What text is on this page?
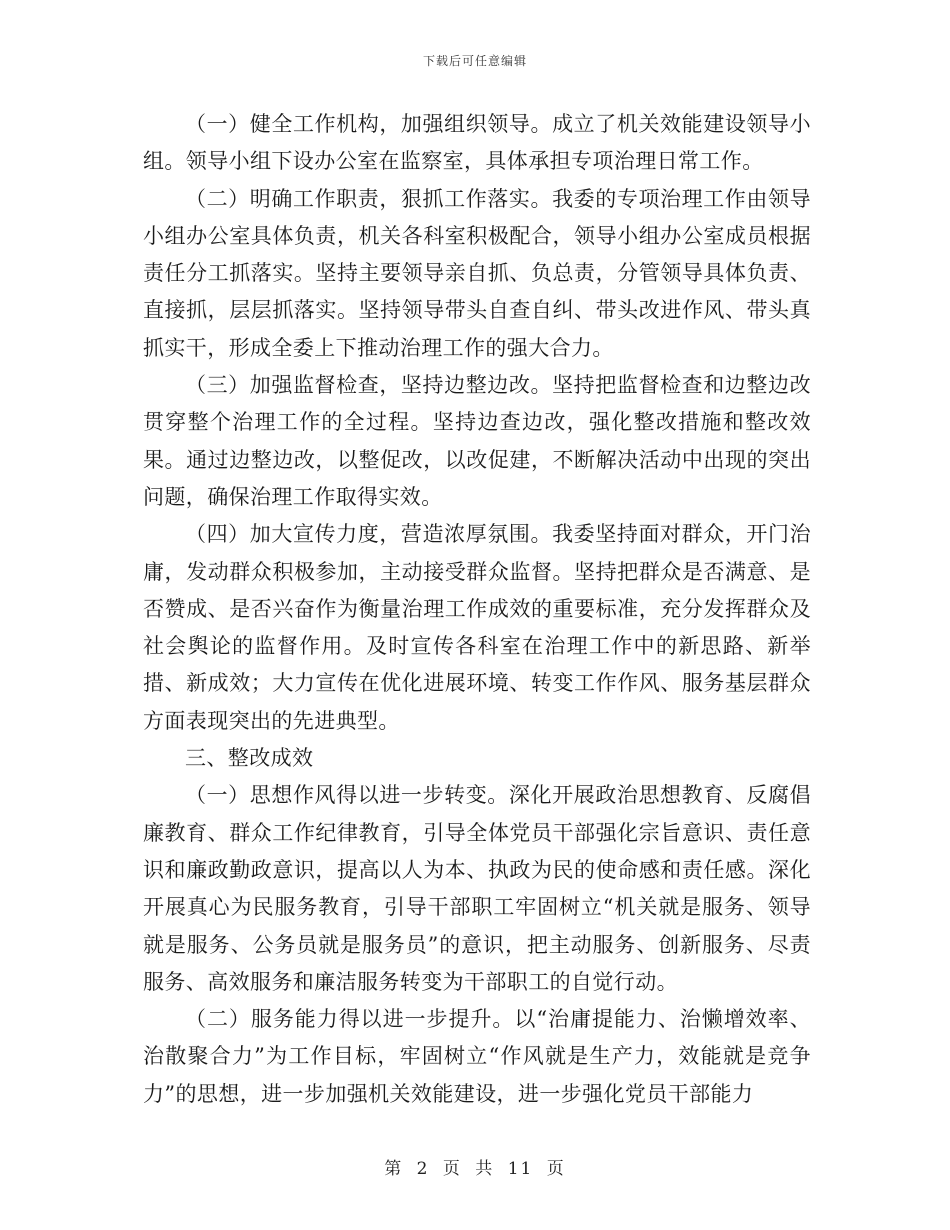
下载后可任意编辑

（一）健全工作机构，加强组织领导。成立了机关效能建设领导小组。领导小组下设办公室在监察室，具体承担专项治理日常工作。

（二）明确工作职责，狠抓工作落实。我委的专项治理工作由领导小组办公室具体负责，机关各科室积极配合，领导小组办公室成员根据责任分工抓落实。坚持主要领导亲自抓、负总责，分管领导具体负责、直接抓，层层抓落实。坚持领导带头自查自纠、带头改进作风、带头真抓实干，形成全委上下推动治理工作的强大合力。

（三）加强监督检查，坚持边整边改。坚持把监督检查和边整边改贯穿整个治理工作的全过程。坚持边查边改，强化整改措施和整改效果。通过边整边改，以整促改，以改促建，不断解决活动中出现的突出问题，确保治理工作取得实效。

（四）加大宣传力度，营造浓厚氛围。我委坚持面对群众，开门治庸，发动群众积极参加，主动接受群众监督。坚持把群众是否满意、是否赞成、是否兴奋作为衡量治理工作成效的重要标准，充分发挥群众及社会舆论的监督作用。及时宣传各科室在治理工作中的新思路、新举措、新成效；大力宣传在优化进展环境、转变工作作风、服务基层群众方面表现突出的先进典型。

三、整改成效

（一）思想作风得以进一步转变。深化开展政治思想教育、反腐倡廉教育、群众工作纪律教育，引导全体党员干部强化宗旨意识、责任意识和廉政勤政意识，提高以人为本、执政为民的使命感和责任感。深化开展真心为民服务教育，引导干部职工牢固树立“机关就是服务、领导就是服务、公务员就是服务员”的意识，把主动服务、创新服务、尽责服务、高效服务和廉洁服务转变为干部职工的自觉行动。

（二）服务能力得以进一步提升。以“治庸提能力、治懒增效率、治散聚合力”为工作目标，牢固树立“作风就是生产力，效能就是竞争力”的思想，进一步加强机关效能建设，进一步强化党员干部能力

第 2 页 共 11 页
